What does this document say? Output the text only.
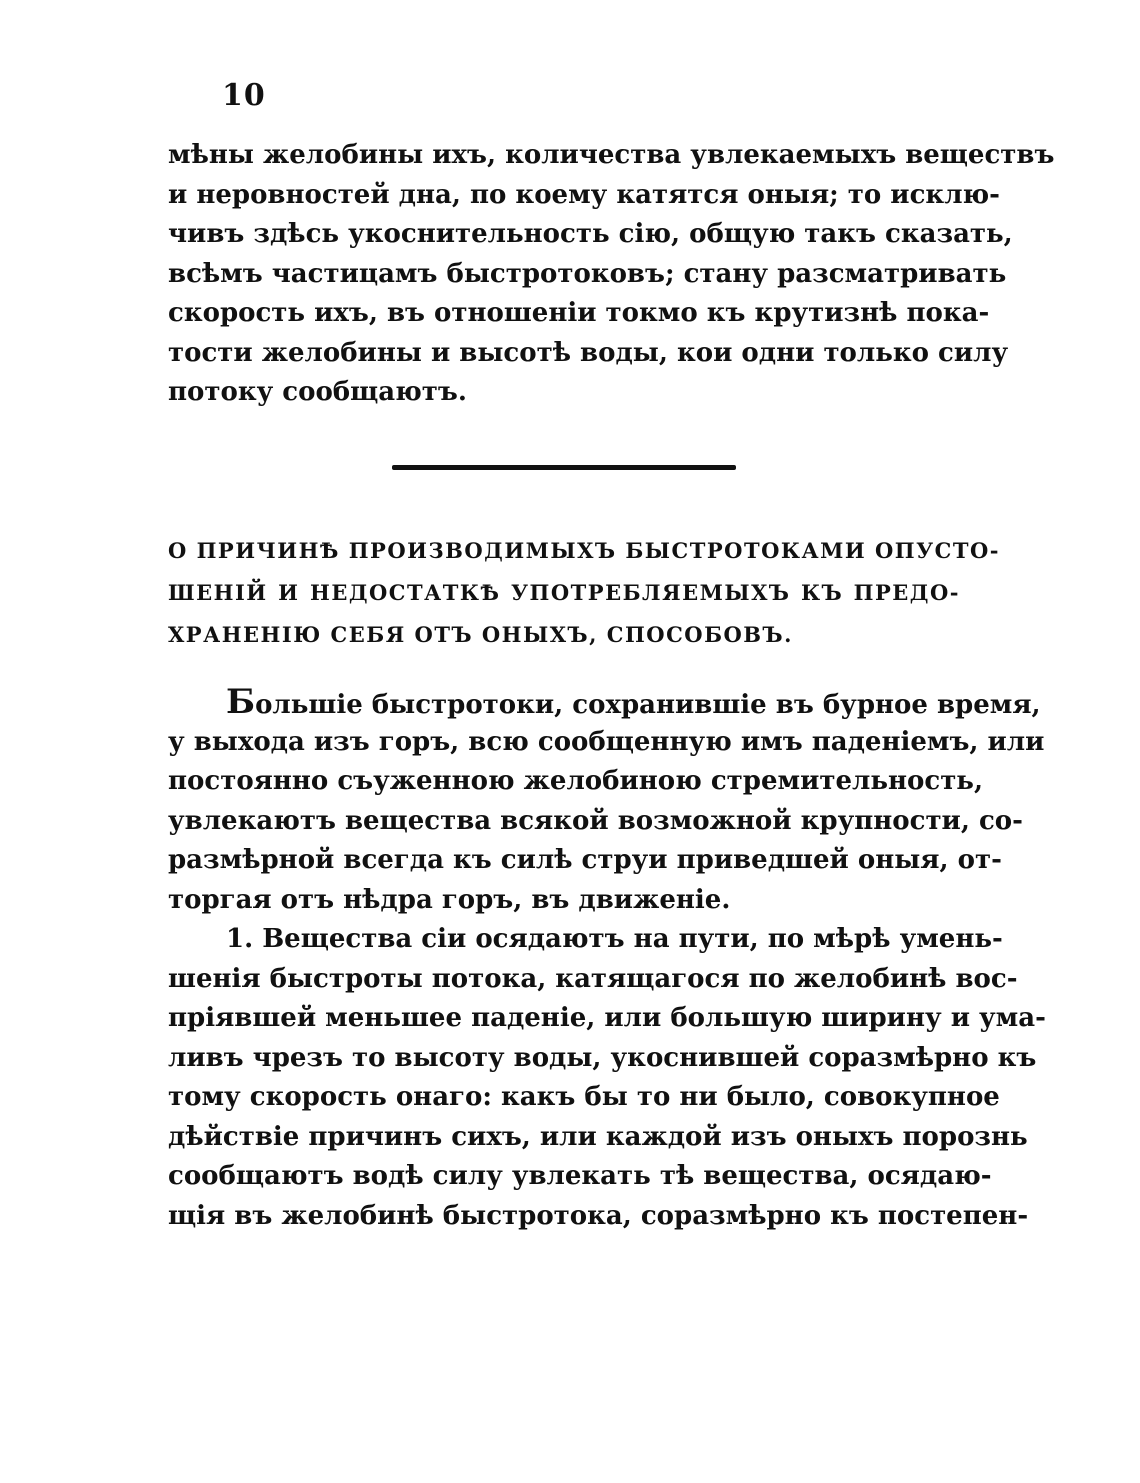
10
мѣны желобины ихъ, количества увлекаемыхъ веществъ
и неровностей дна, по коему катятся оныя; то исклю-
чивъ здѣсь укоснительность сію, общую такъ сказать,
всѣмъ частицамъ быстротоковъ; стану разсматривать
скорость ихъ, въ отношеніи токмо къ крутизнѣ пока-
тости желобины и высотѣ воды, кои одни только силу
потоку сообщаютъ.
О ПРИЧИНѢ ПРОИЗВОДИМЫХЪ БЫСТРОТОКАМИ ОПУСТО-
ШЕНІЙ И НЕДОСТАТКѢ УПОТРЕБЛЯЕМЫХЪ КЪ ПРЕДО-
ХРАНЕНІЮ СЕБЯ ОТЪ ОНЫХЪ, СПОСОБОВЪ.
Большіе быстротоки, сохранившіе въ бурное время,
у выхода изъ горъ, всю сообщенную имъ паденіемъ, или
постоянно съуженною желобиною стремительность,
увлекаютъ вещества всякой возможной крупности, со-
размѣрной всегда къ силѣ струи приведшей оныя, от-
торгая отъ нѣдра горъ, въ движеніе.
1. Вещества сіи осядаютъ на пути, по мѣрѣ умень-
шенія быстроты потока, катящагося по желобинѣ вос-
пріявшей меньшее паденіе, или большую ширину и ума-
ливъ чрезъ то высоту воды, укоснившей соразмѣрно къ
тому скорость онаго: какъ бы то ни было, совокупное
дѣйствіе причинъ сихъ, или каждой изъ оныхъ порознь
сообщаютъ водѣ силу увлекать тѣ вещества, осядаю-
щія въ желобинѣ быстротока, соразмѣрно къ постепен-
